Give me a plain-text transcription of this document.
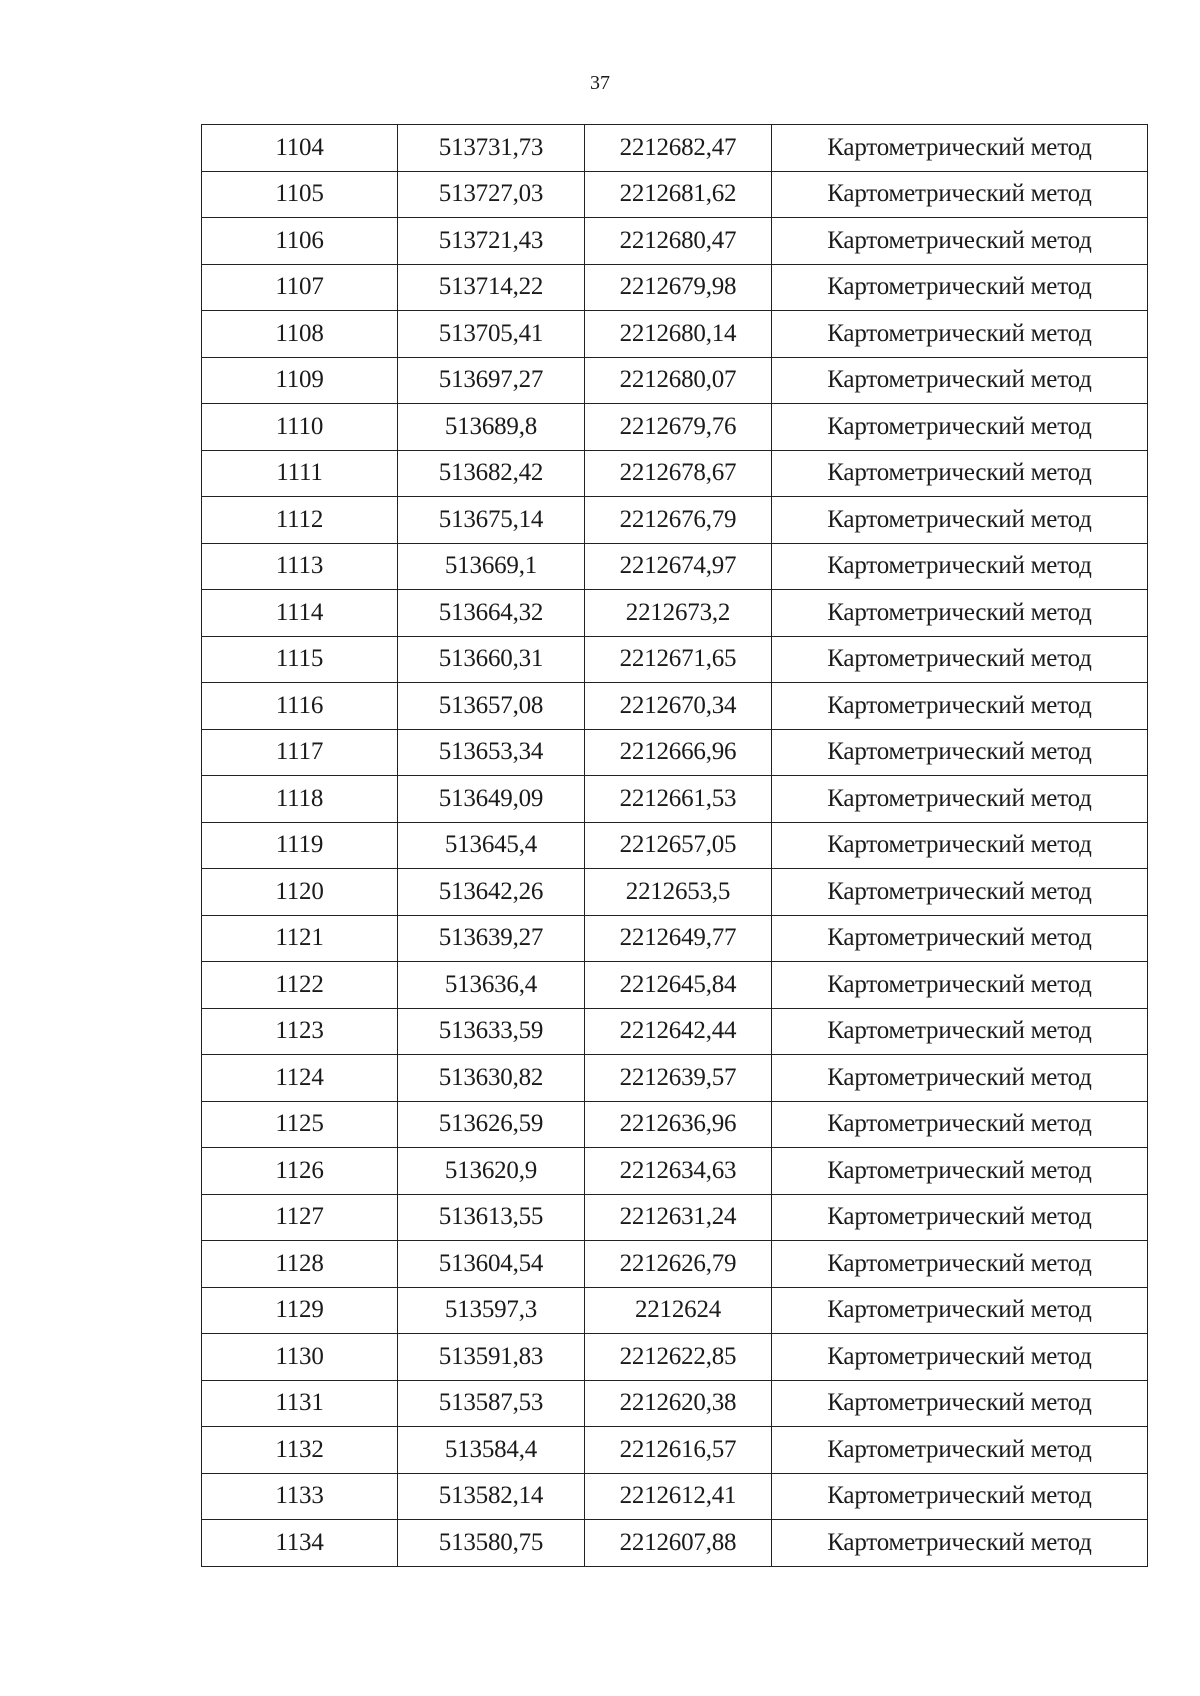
37
1104	513731,73	2212682,47	Картометрический метод
1105	513727,03	2212681,62	Картометрический метод
1106	513721,43	2212680,47	Картометрический метод
1107	513714,22	2212679,98	Картометрический метод
1108	513705,41	2212680,14	Картометрический метод
1109	513697,27	2212680,07	Картометрический метод
1110	513689,8	2212679,76	Картометрический метод
1111	513682,42	2212678,67	Картометрический метод
1112	513675,14	2212676,79	Картометрический метод
1113	513669,1	2212674,97	Картометрический метод
1114	513664,32	2212673,2	Картометрический метод
1115	513660,31	2212671,65	Картометрический метод
1116	513657,08	2212670,34	Картометрический метод
1117	513653,34	2212666,96	Картометрический метод
1118	513649,09	2212661,53	Картометрический метод
1119	513645,4	2212657,05	Картометрический метод
1120	513642,26	2212653,5	Картометрический метод
1121	513639,27	2212649,77	Картометрический метод
1122	513636,4	2212645,84	Картометрический метод
1123	513633,59	2212642,44	Картометрический метод
1124	513630,82	2212639,57	Картометрический метод
1125	513626,59	2212636,96	Картометрический метод
1126	513620,9	2212634,63	Картометрический метод
1127	513613,55	2212631,24	Картометрический метод
1128	513604,54	2212626,79	Картометрический метод
1129	513597,3	2212624	Картометрический метод
1130	513591,83	2212622,85	Картометрический метод
1131	513587,53	2212620,38	Картометрический метод
1132	513584,4	2212616,57	Картометрический метод
1133	513582,14	2212612,41	Картометрический метод
1134	513580,75	2212607,88	Картометрический метод
